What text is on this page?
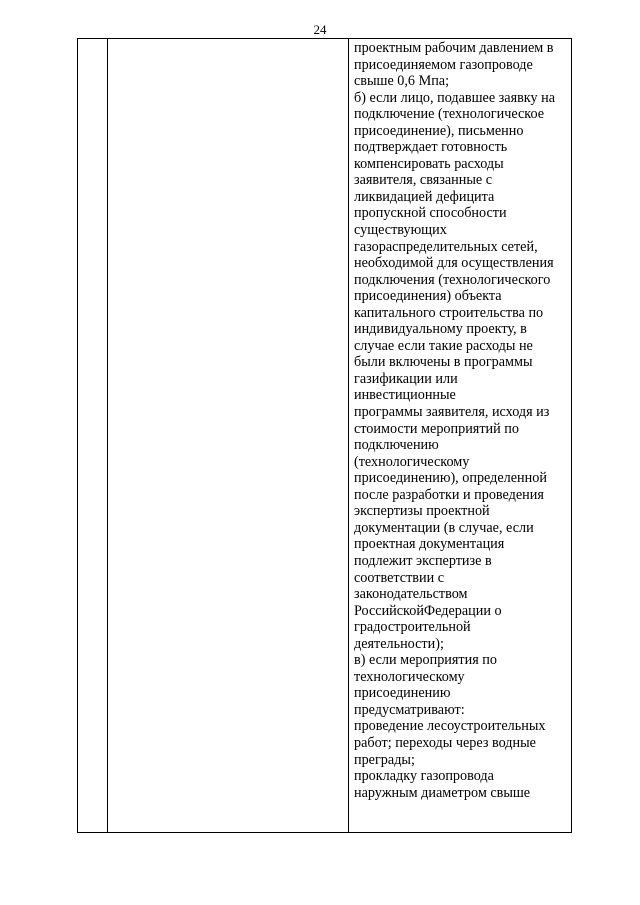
24
проектным рабочим давлением в
присоединяемом газопроводе
свыше 0,6 Мпа;
б) если лицо, подавшее заявку на
подключение (технологическое
присоединение), письменно
подтверждает готовность
компенсировать расходы
заявителя, связанные с
ликвидацией дефицита
пропускной способности
существующих
газораспределительных сетей,
необходимой для осуществления
подключения (технологического
присоединения) объекта
капитального строительства по
индивидуальному проекту, в
случае если такие расходы не
были включены в программы
газификации или
инвестиционные
программы заявителя, исходя из
стоимости мероприятий по
подключению
(технологическому
присоединению), определенной
после разработки и проведения
экспертизы проектной
документации (в случае, если
проектная документация
подлежит экспертизе в
соответствии с
законодательством
РоссийскойФедерации о
градостроительной
деятельности);
в) если мероприятия по
технологическому
присоединению
предусматривают:
проведение лесоустроительных
работ; переходы через водные
преграды;
прокладку газопровода
наружным диаметром свыше
